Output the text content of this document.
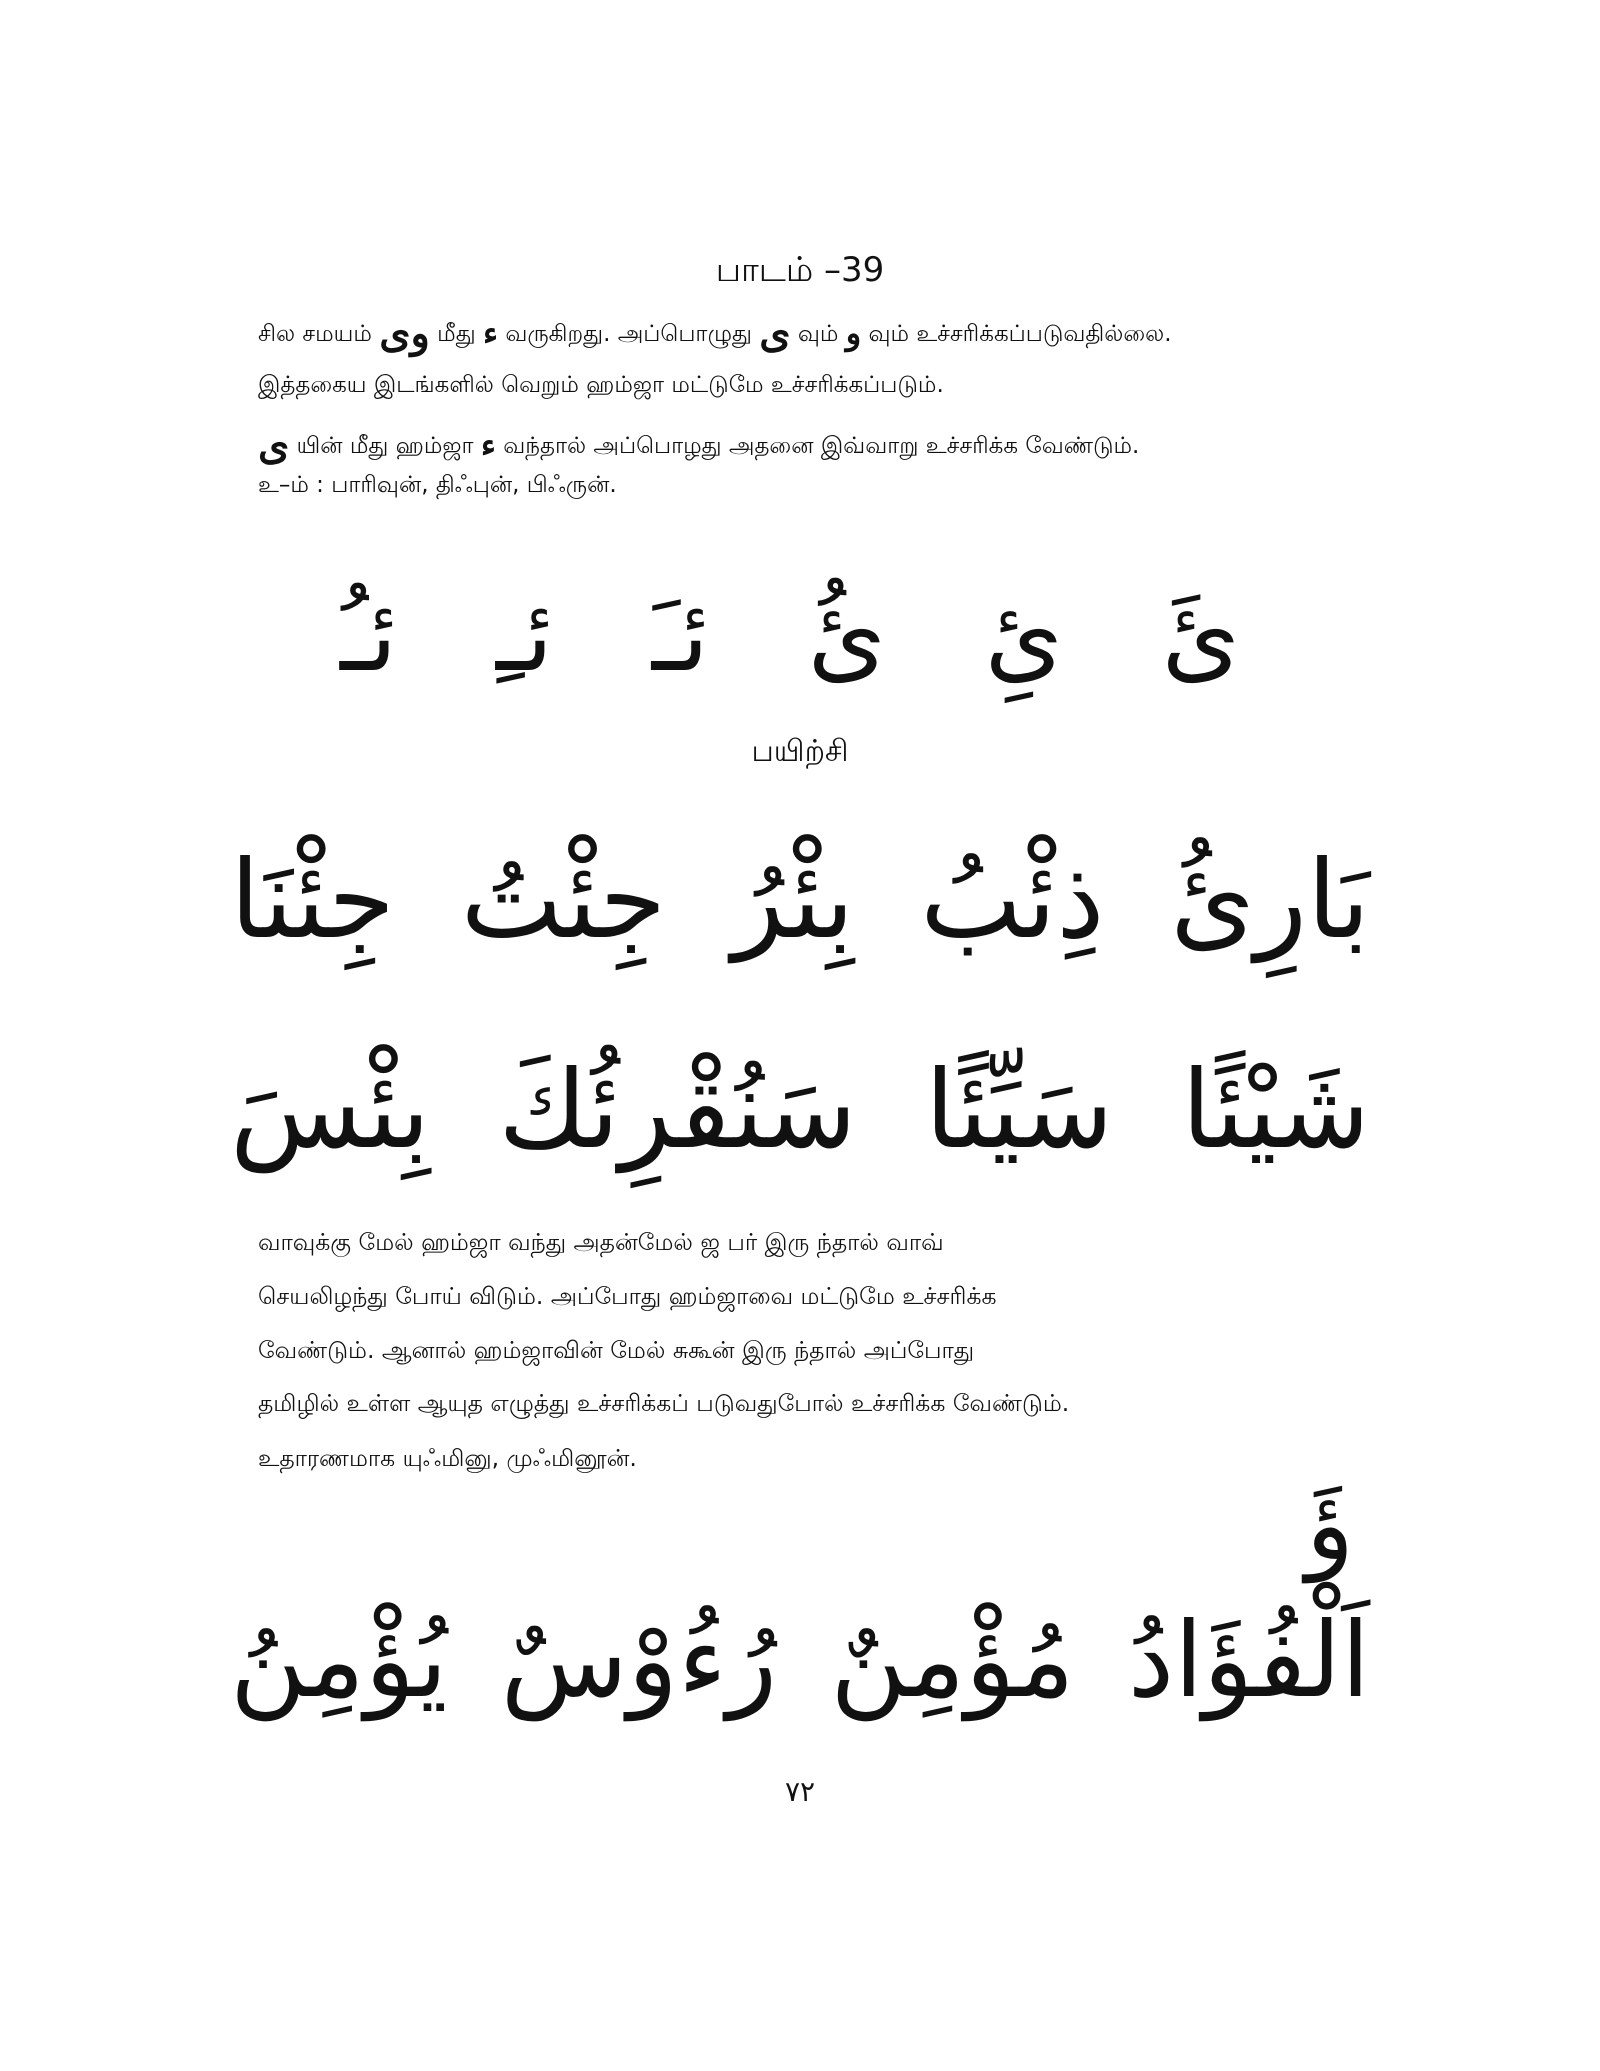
பாடம் –39
சில சமயம் وى மீது ء வருகிறது. அப்பொழுது ى வும் و வும் உச்சரிக்கப்படுவதில்லை.
இத்தகைய இடங்களில் வெறும் ஹம்ஜா மட்டுமே உச்சரிக்கப்படும்.
ى யின் மீது ஹம்ஜா ء வந்தால் அப்பொழது அதனை இவ்வாறு உச்சரிக்க வேண்டும்.
உ–ம் : பாரிவுன், திஃபுன், பிஃருன்.
ئَ
ئِ
ئُ
ئـَ
ئـِ
ئـُ
பயிற்சி
بَارِئُ
ذِئْبُ
بِئْرُ
جِئْتُ
جِئْنَا
شَيْئًا
سَيِّئًا
سَنُقْرِئُكَ
بِئْسَ
வாவுக்கு மேல் ஹம்ஜா வந்து அதன்மேல் ஜ பர் இரு ந்தால் வாவ்
செயலிழந்து போய் விடும். அப்போது ஹம்ஜாவை மட்டுமே உச்சரிக்க
வேண்டும். ஆனால் ஹம்ஜாவின் மேல் சுகூன் இரு ந்தால் அப்போது
தமிழில் உள்ள ஆயுத எழுத்து உச்சரிக்கப் படுவதுபோல் உச்சரிக்க வேண்டும்.
உதாரணமாக யுஃமினு, முஃமினூன்.
ؤَ
اَلْفُؤَادُ
مُؤْمِنٌ
رُءُوْسٌ
يُؤْمِنُ
٧٢
